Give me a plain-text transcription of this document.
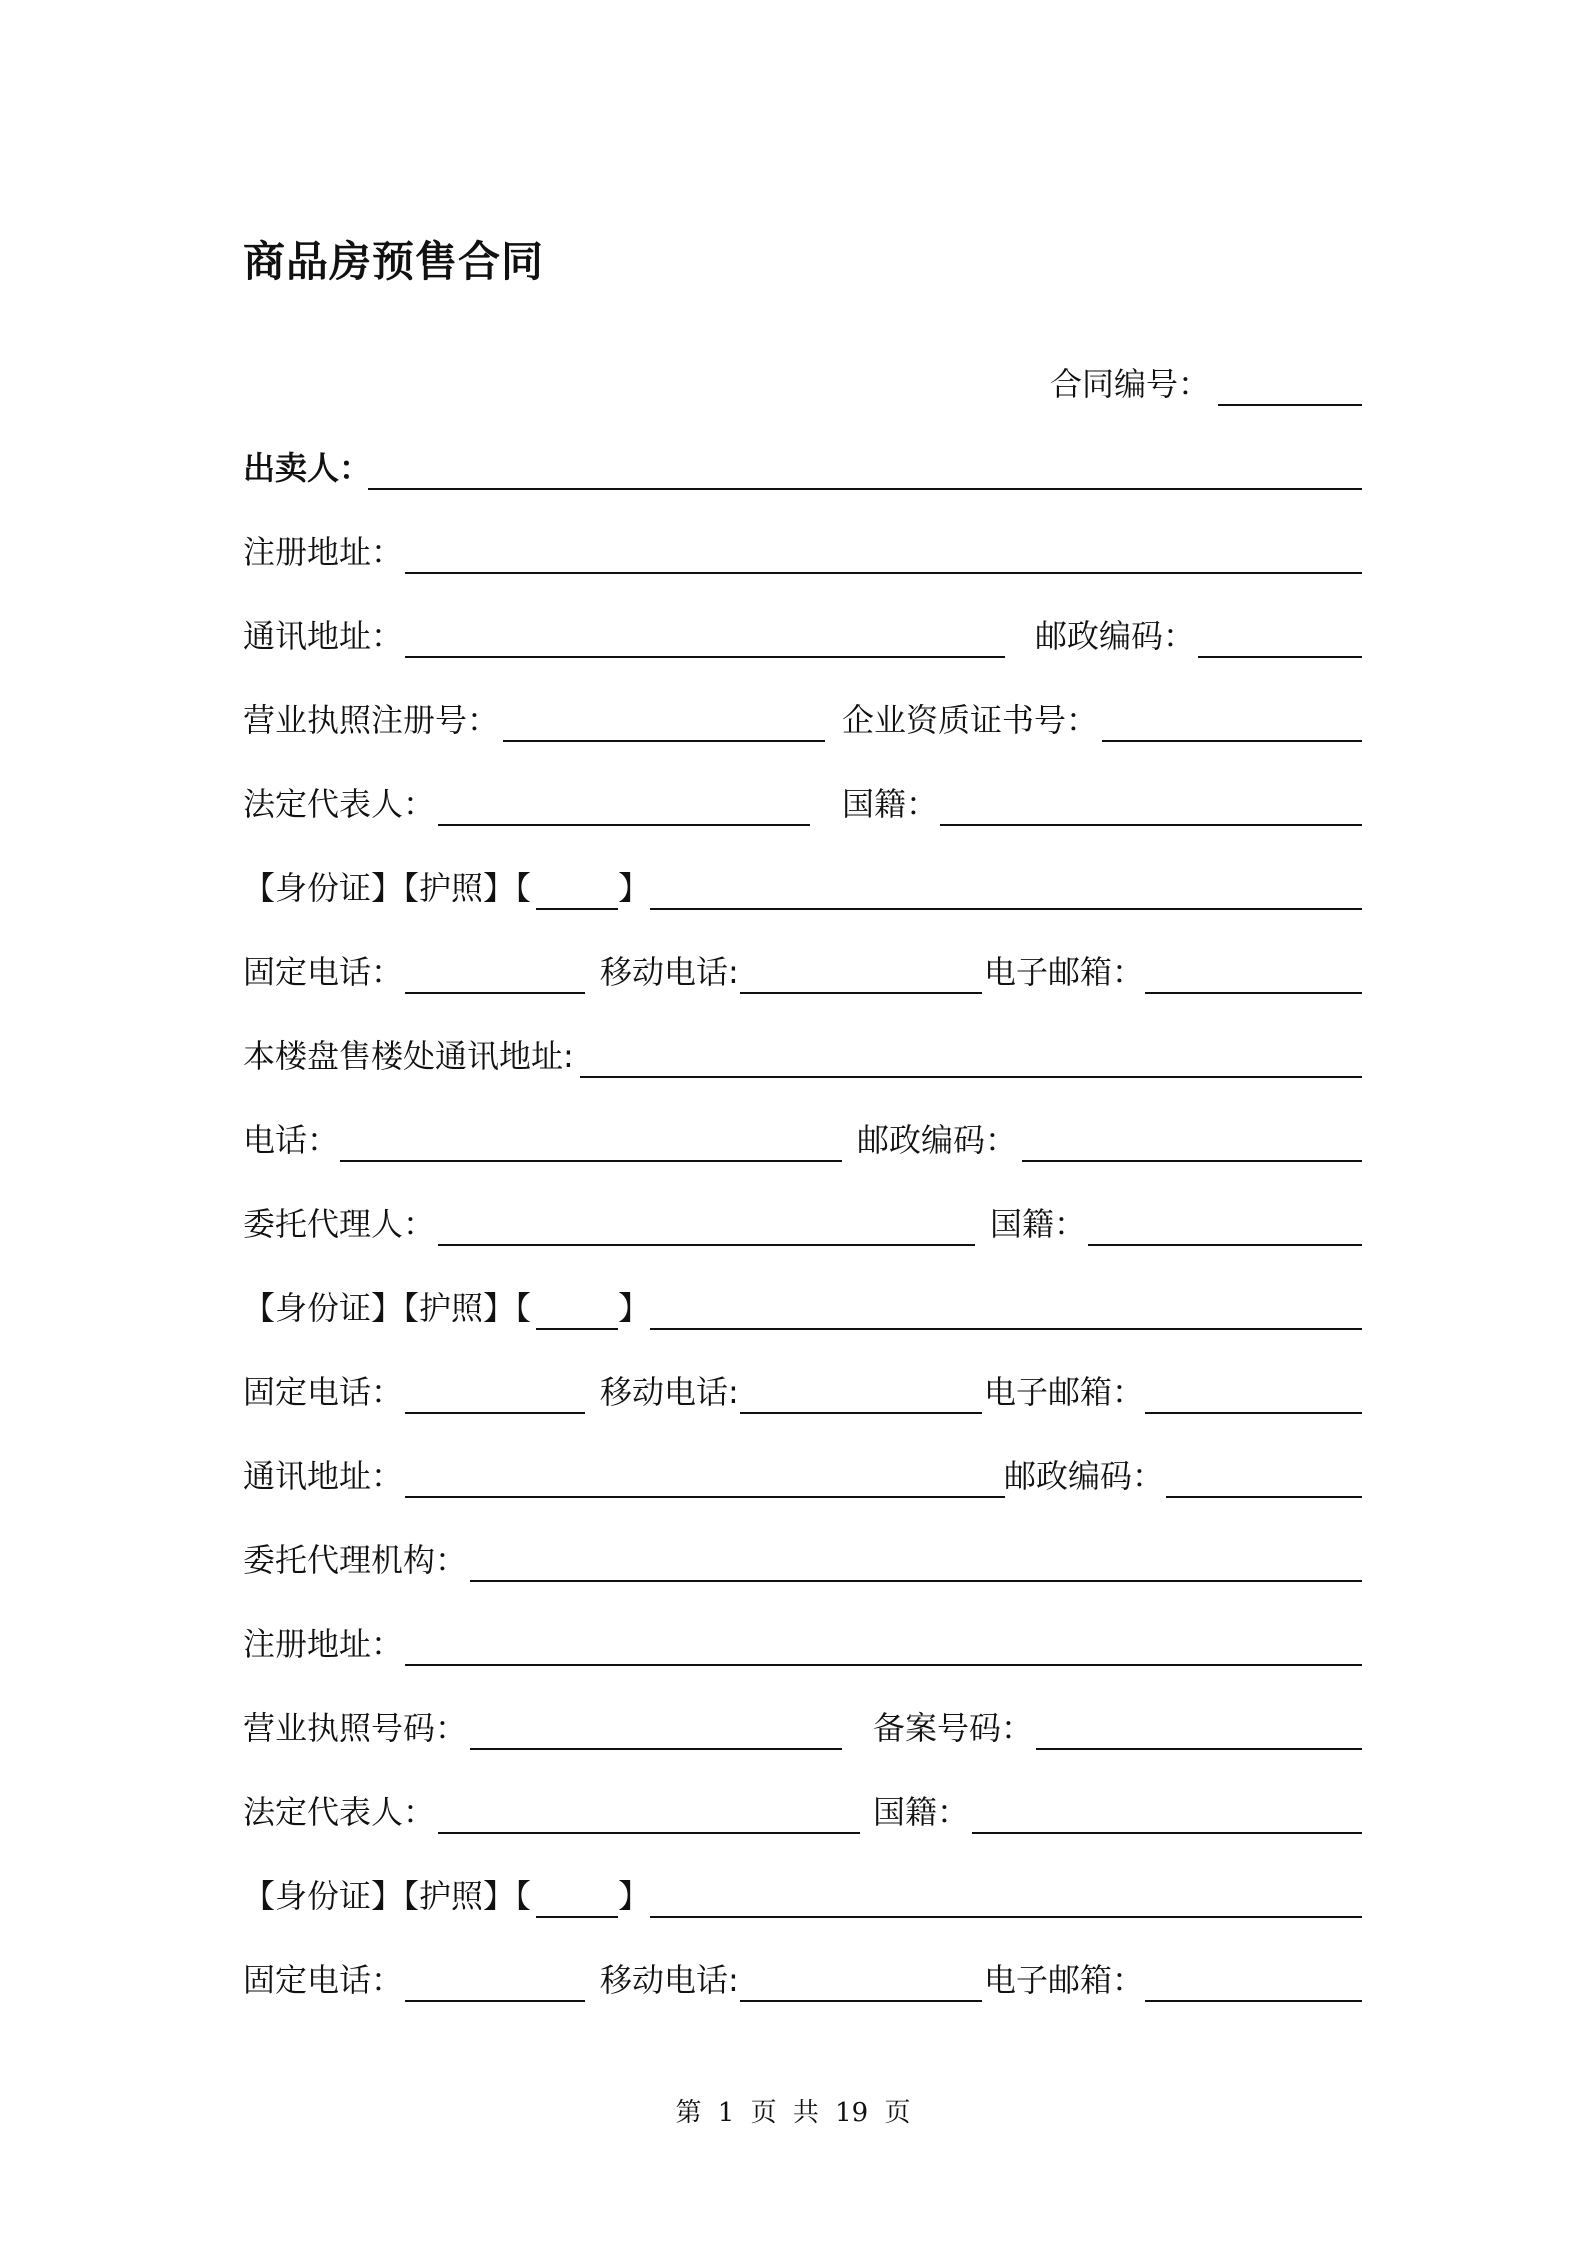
商品房预售合同
合同编号：
出卖人：
注册地址：
通讯地址：	邮政编码：
营业执照注册号：	企业资质证书号：
法定代表人：	国籍：
【身份证】【护照】【	】
固定电话：	移动电话:	电子邮箱：
本楼盘售楼处通讯地址:
电话：	邮政编码：
委托代理人：	国籍：
【身份证】【护照】【	】
固定电话：	移动电话:	电子邮箱：
通讯地址：	邮政编码：
委托代理机构：
注册地址：
营业执照号码：	备案号码：
法定代表人：	国籍：
【身份证】【护照】【	】
固定电话：	移动电话:	电子邮箱：
第 1 页 共 19 页
